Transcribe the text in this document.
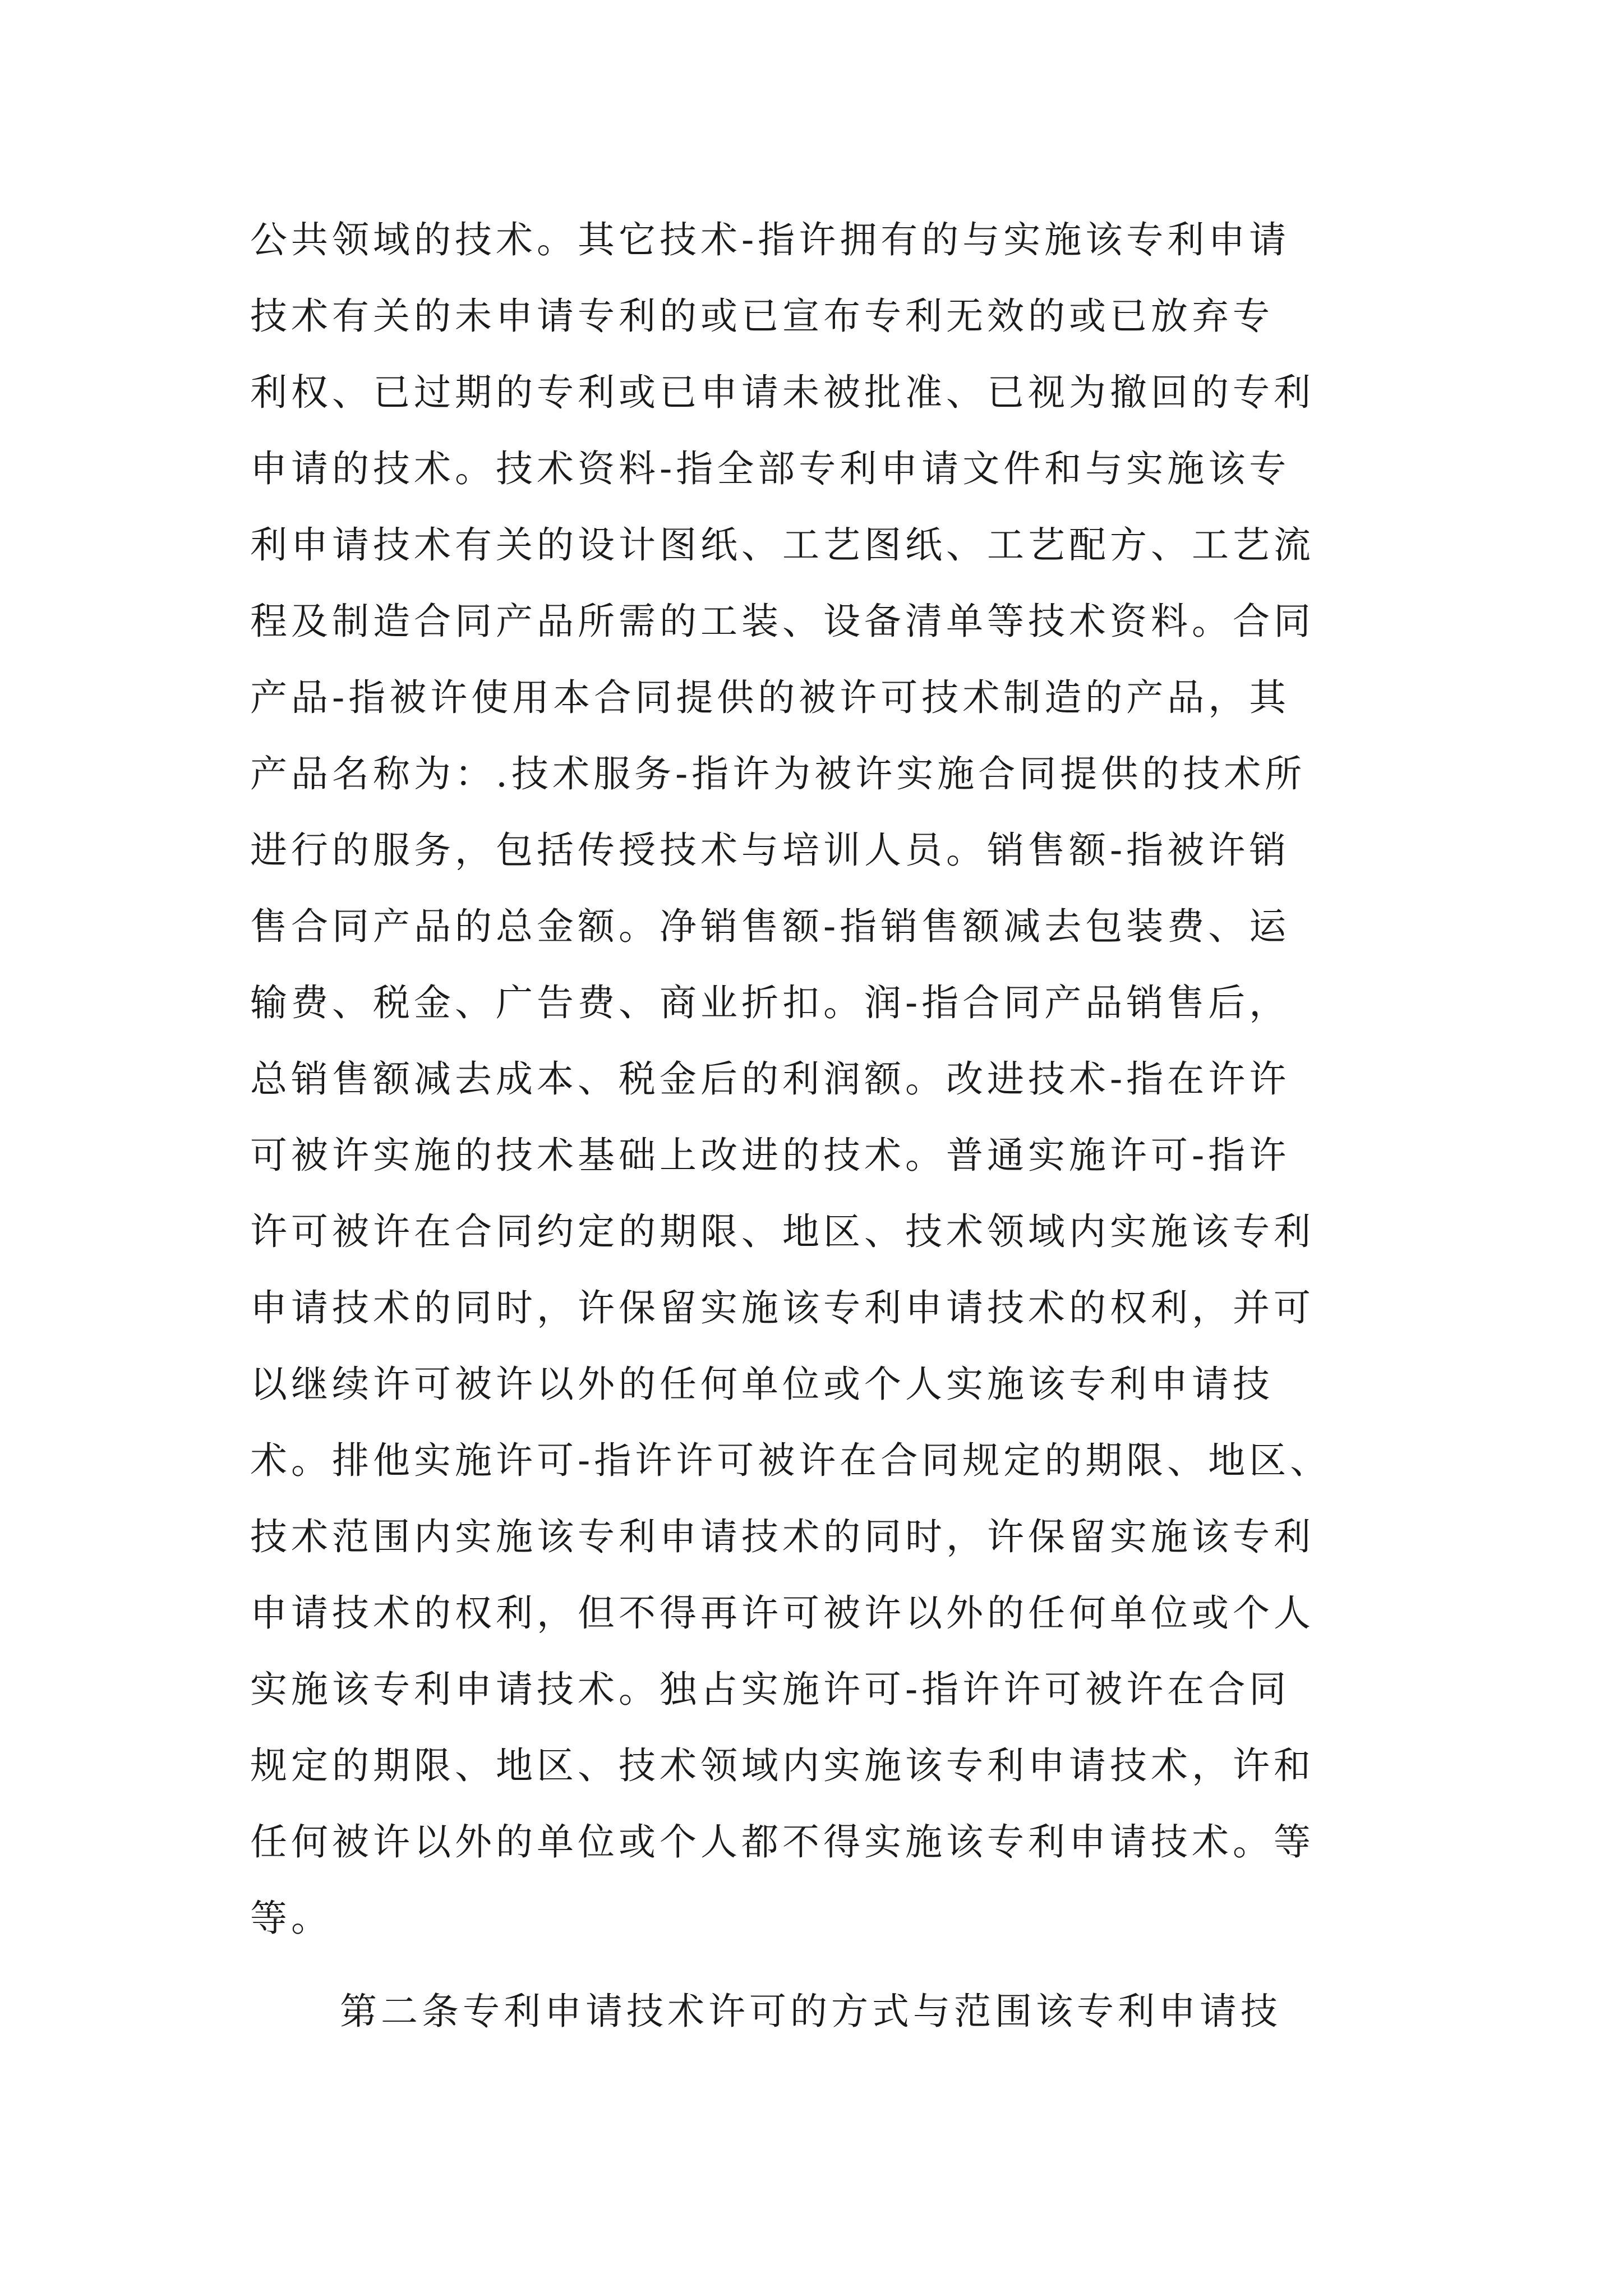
公共领域的技术。其它技术-指许拥有的与实施该专利申请
技术有关的未申请专利的或已宣布专利无效的或已放弃专
利权、已过期的专利或已申请未被批准、已视为撤回的专利
申请的技术。技术资料-指全部专利申请文件和与实施该专
利申请技术有关的设计图纸、工艺图纸、工艺配方、工艺流
程及制造合同产品所需的工装、设备清单等技术资料。合同
产品-指被许使用本合同提供的被许可技术制造的产品，其
产品名称为：.技术服务-指许为被许实施合同提供的技术所
进行的服务，包括传授技术与培训人员。销售额-指被许销
售合同产品的总金额。净销售额-指销售额减去包装费、运
输费、税金、广告费、商业折扣。润-指合同产品销售后，
总销售额减去成本、税金后的利润额。改进技术-指在许许
可被许实施的技术基础上改进的技术。普通实施许可-指许
许可被许在合同约定的期限、地区、技术领域内实施该专利
申请技术的同时，许保留实施该专利申请技术的权利，并可
以继续许可被许以外的任何单位或个人实施该专利申请技
术。排他实施许可-指许许可被许在合同规定的期限、地区、
技术范围内实施该专利申请技术的同时，许保留实施该专利
申请技术的权利，但不得再许可被许以外的任何单位或个人
实施该专利申请技术。独占实施许可-指许许可被许在合同
规定的期限、地区、技术领域内实施该专利申请技术，许和
任何被许以外的单位或个人都不得实施该专利申请技术。等
等。
第二条专利申请技术许可的方式与范围该专利申请技
